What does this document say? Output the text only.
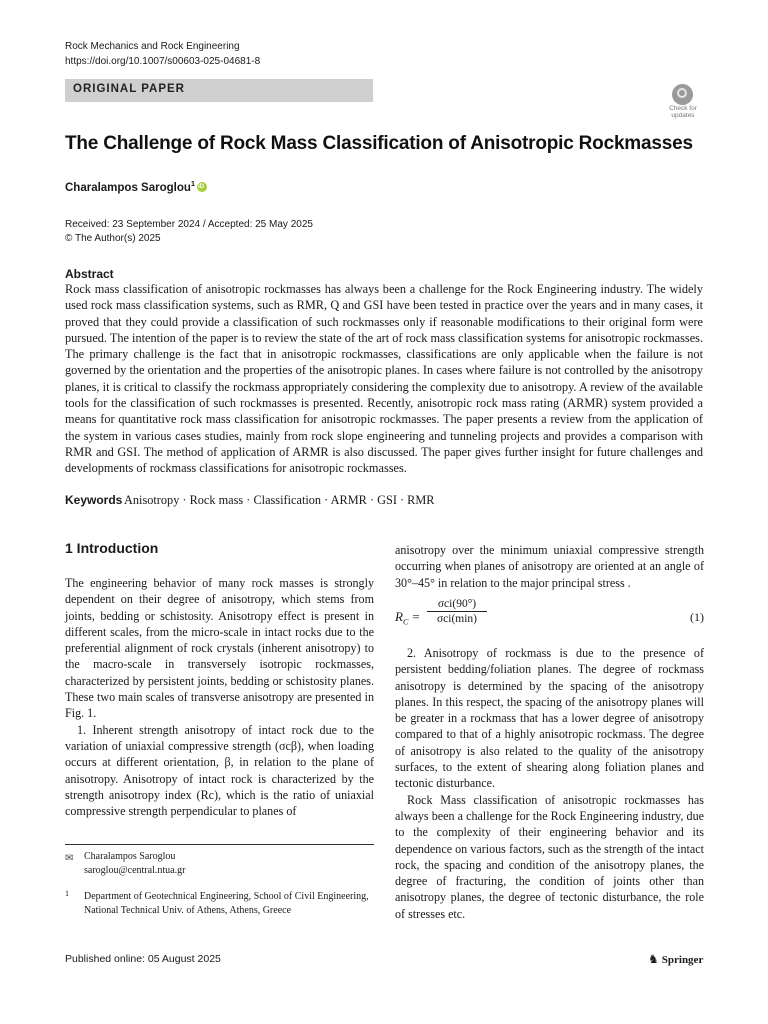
Rock Mechanics and Rock Engineering
https://doi.org/10.1007/s00603-025-04681-8
ORIGINAL PAPER
Check for updates
The Challenge of Rock Mass Classification of Anisotropic Rockmasses
Charalampos Saroglou$^1$iD
Received: 23 September 2024 / Accepted: 25 May 2025
© The Author(s) 2025
Abstract

Rock mass classification of anisotropic rockmasses has always been a challenge for the Rock Engineering industry. The widely used rock mass classification systems, such as RMR, Q and GSI have been tested in practice over the years and in many cases, it proved that they could provide a classification of such rockmasses only if reasonable modifications to their original form were pursued. The intention of the paper is to review the state of the art of rock mass classification systems for anisotropic rockmasses. The primary challenge is the fact that in anisotropic rockmasses, classifications are only applicable when the failure is not governed by the orientation and the properties of the anisotropic planes. In cases where failure is not controlled by the anisotropy planes, it is critical to classify the rockmass appropriately considering the complexity due to anisotropy. A review of the available tools for the classification of such rockmasses is presented. Recently, anisotropic rock mass rating (ARMR) system provided a means for quantitative rock mass classification for anisotropic rockmasses. The paper presents a review from the application of the system in various cases studies, mainly from rock slope engineering and tunneling projects and provides a comparison with RMR and GSI. The method of application of ARMR is also discussed. The paper gives further insight for future challenges and developments of rockmass classifications for anisotropic rockmasses.

Keywords Anisotropy · Rock mass · Classification · ARMR · GSI · RMR
1 Introduction

The engineering behavior of many rock masses is strongly dependent on their degree of anisotropy, which stems from joints, bedding or schistosity. Anisotropy effect is present in different scales, from the micro-scale in intact rocks due to the preferential alignment of rock crystals (inherent anisotropy) to the macro-scale in transversely isotropic rockmasses, characterized by persistent joints, bedding or schistosity planes. These two main scales of transverse anisotropy are presented in Fig. 1.

1. Inherent strength anisotropy of intact rock due to the variation of uniaxial compressive strength (σcβ), when loading occurs at different orientation, β, in relation to the plane of anisotropy. Anisotropy of intact rock is characterized by the strength anisotropy index (Rc), which is the ratio of uniaxial compressive strength perpendicular to planes of

anisotropy over the minimum uniaxial compressive strength occurring when planes of anisotropy are oriented at an angle of 30°–45° in relation to the major principal stress .

$R_C$ =
σci(90°)
σci(min)	(1)

2. Anisotropy of rockmass is due to the presence of persistent bedding/foliation planes. The degree of rockmass anisotropy is determined by the spacing of the anisotropy planes. In this respect, the spacing of the anisotropy planes will be greater in a rockmass that has a lower degree of anisotropy compared to that of a highly anisotropic rockmass. The degree of anisotropy is also related to the quality of the anisotropy surfaces, to the extent of shearing along foliation planes and tectonic disturbance.

Rock Mass classification of anisotropic rockmasses has always been a challenge for the Rock Engineering industry, due to the complexity of their engineering behavior and its dependence on various factors, such as the strength of the intact rock, the spacing and condition of the anisotropy planes, the degree of fracturing, the condition of joints other than anisotropy planes, the degree of tectonic disturbance, the role of stresses etc.

✉ Charalampos Saroglou
saroglou@central.ntua.gr
1 Department of Geotechnical Engineering, School of Civil Engineering, National Technical Univ. of Athens, Athens, Greece
Published online: 05 August 2025	♞ Springer
